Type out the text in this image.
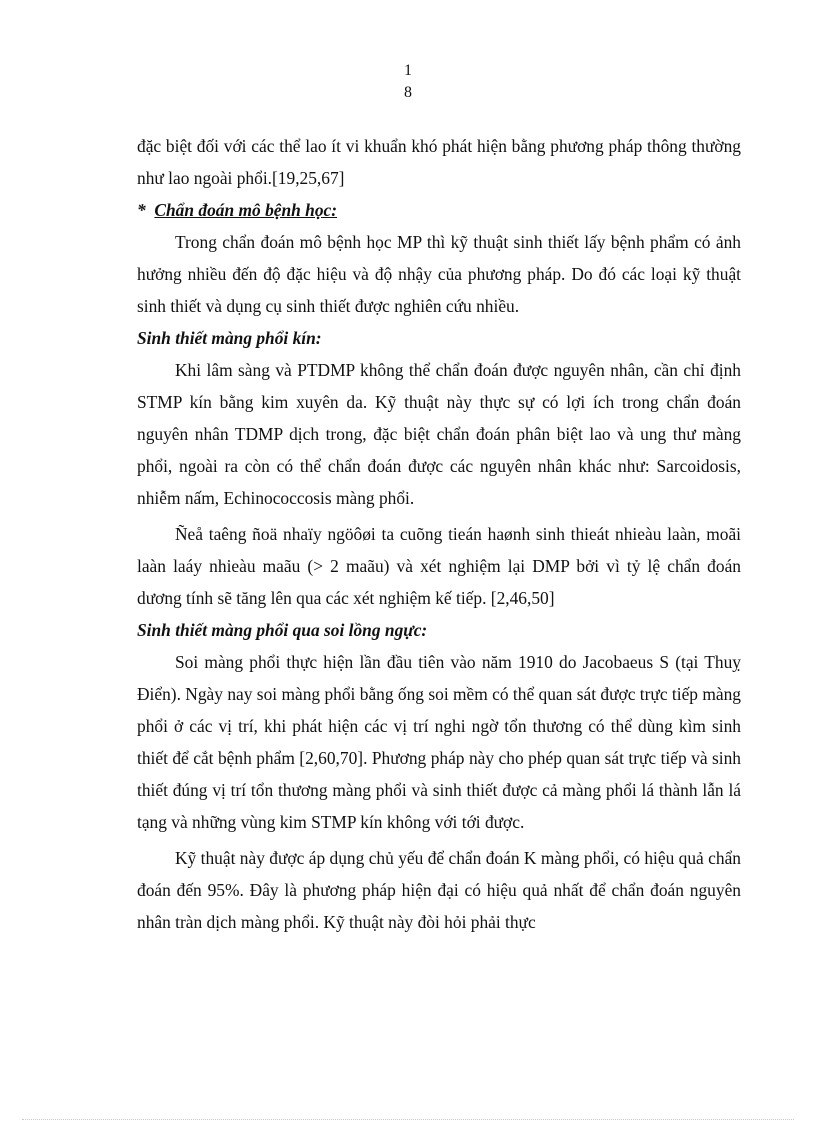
1
8

đặc biệt đối với các thể lao ít vi khuẩn khó phát hiện bằng phương pháp thông thường như lao ngoài phổi.[19,25,67]

* Chẩn đoán mô bệnh học:

Trong chẩn đoán mô bệnh học MP thì kỹ thuật sinh thiết lấy bệnh phẩm có ảnh hưởng nhiều đến độ đặc hiệu và độ nhậy của phương pháp. Do đó các loại kỹ thuật sinh thiết và dụng cụ sinh thiết được nghiên cứu nhiều.

Sinh thiết màng phổi kín:

Khi lâm sàng và PTDMP không thể chẩn đoán được nguyên nhân, cần chỉ định STMP kín bằng kim xuyên da. Kỹ thuật này thực sự có lợi ích trong chẩn đoán nguyên nhân TDMP dịch trong, đặc biệt chẩn đoán phân biệt lao và ung thư màng phổi, ngoài ra còn có thể chẩn đoán được các nguyên nhân khác như: Sarcoidosis, nhiễm nấm, Echinococcosis màng phổi.

Ñeå taêng ñoä nhaïy ngöôøi ta cuõng tieán haønh sinh thieát nhieàu laàn, moãi laàn laáy nhieàu maãu (> 2 maãu) và xét nghiệm lại DMP bởi vì tỷ lệ chẩn đoán dương tính sẽ tăng lên qua các xét nghiệm kế tiếp. [2,46,50]

Sinh thiết màng phổi qua soi lồng ngực:

Soi màng phổi thực hiện lần đầu tiên vào năm 1910 do Jacobaeus S (tại Thuỵ Điển). Ngày nay soi màng phổi bằng ống soi mềm có thể quan sát được trực tiếp màng phổi ở các vị trí, khi phát hiện các vị trí nghi ngờ tổn thương có thể dùng kìm sinh thiết để cắt bệnh phẩm [2,60,70]. Phương pháp này cho phép quan sát trực tiếp và sinh thiết đúng vị trí tổn thương màng phổi và sinh thiết được cả màng phổi lá thành lẫn lá tạng và những vùng kim STMP kín không với tới được.

Kỹ thuật này được áp dụng chủ yếu để chẩn đoán K màng phổi, có hiệu quả chẩn đoán đến 95%. Đây là phương pháp hiện đại có hiệu quả nhất để chẩn đoán nguyên nhân tràn dịch màng phổi. Kỹ thuật này đòi hỏi phải thực
